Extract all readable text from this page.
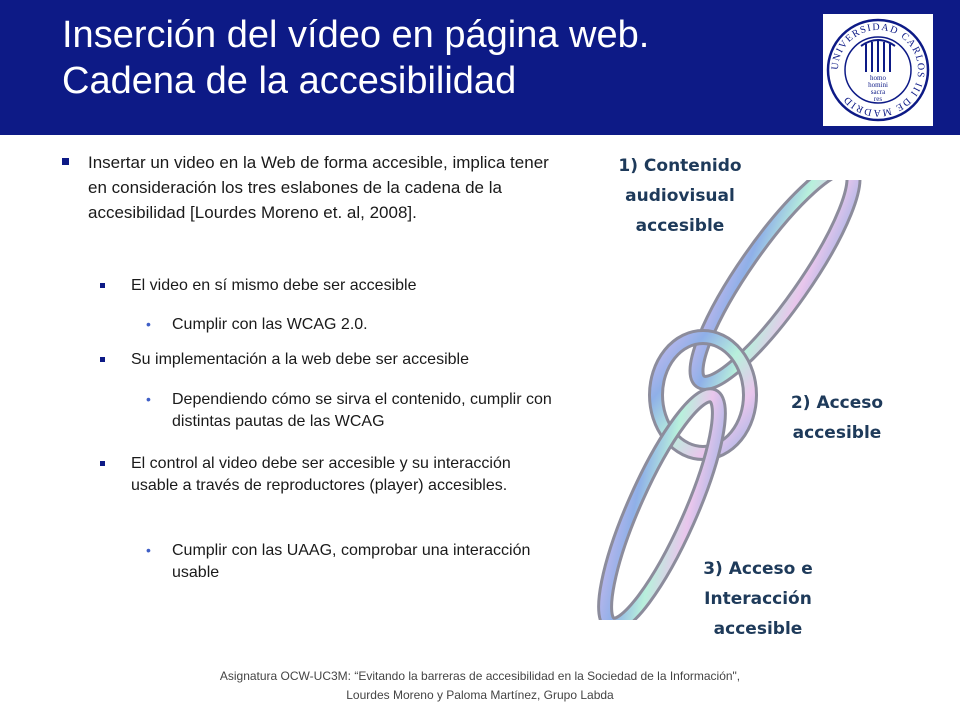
Inserción del vídeo en página web.
Cadena de la accesibilidad	UNIVERSIDAD CARLOS III DE MADRID
homo
homini
sacra
res
Insertar un video en la Web de forma accesible, implica tener en consideración los tres eslabones de la cadena de la accesibilidad [Lourdes Moreno et. al, 2008].
El video en sí mismo debe ser accesible
• Cumplir con las WCAG 2.0.
Su implementación a la web debe ser accesible
• Dependiendo cómo se sirva el contenido, cumplir con distintas pautas de las WCAG
El control al video debe ser accesible y su interacción usable a través de reproductores (player) accesibles.
• Cumplir con las UAAG, comprobar una interacción usable
1) Contenido
audiovisual
accesible
2) Acceso
accesible
3) Acceso e
Interacción
accesible
Asignatura OCW-UC3M: “Evitando la barreras de accesibilidad en la Sociedad de la Información",
Lourdes Moreno y Paloma Martínez, Grupo Labda
